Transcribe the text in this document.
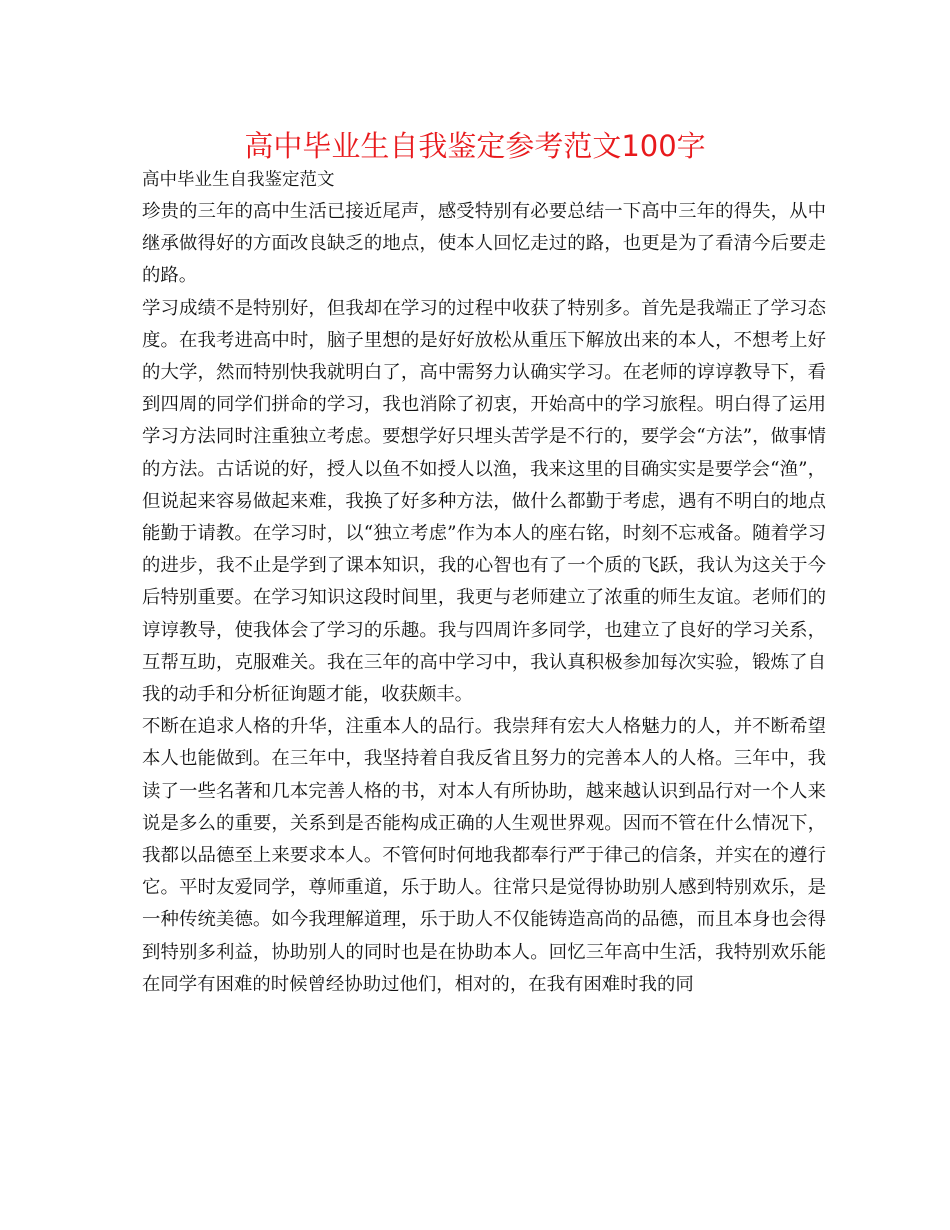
高中毕业生自我鉴定参考范文100字

高中毕业生自我鉴定范文

珍贵的三年的高中生活已接近尾声，感受特别有必要总结一下高中三年的得失，从中继承做得好的方面改良缺乏的地点，使本人回忆走过的路，也更是为了看清今后要走的路。

学习成绩不是特别好，但我却在学习的过程中收获了特别多。首先是我端正了学习态度。在我考进高中时，脑子里想的是好好放松从重压下解放出来的本人，不想考上好的大学，然而特别快我就明白了，高中需努力认确实学习。在老师的谆谆教导下，看到四周的同学们拼命的学习，我也消除了初衷，开始高中的学习旅程。明白得了运用学习方法同时注重独立考虑。要想学好只埋头苦学是不行的，要学会“方法”，做事情的方法。古话说的好，授人以鱼不如授人以渔，我来这里的目确实实是要学会“渔”，但说起来容易做起来难，我换了好多种方法，做什么都勤于考虑，遇有不明白的地点能勤于请教。在学习时，以“独立考虑”作为本人的座右铭，时刻不忘戒备。随着学习的进步，我不止是学到了课本知识，我的心智也有了一个质的飞跃，我认为这关于今后特别重要。在学习知识这段时间里，我更与老师建立了浓重的师生友谊。老师们的谆谆教导，使我体会了学习的乐趣。我与四周许多同学，也建立了良好的学习关系，互帮互助，克服难关。我在三年的高中学习中，我认真积极参加每次实验，锻炼了自我的动手和分析征询题才能，收获颇丰。

不断在追求人格的升华，注重本人的品行。我崇拜有宏大人格魅力的人，并不断希望本人也能做到。在三年中，我坚持着自我反省且努力的完善本人的人格。三年中，我读了一些名著和几本完善人格的书，对本人有所协助，越来越认识到品行对一个人来说是多么的重要，关系到是否能构成正确的人生观世界观。因而不管在什么情况下，我都以品德至上来要求本人。不管何时何地我都奉行严于律己的信条，并实在的遵行它。平时友爱同学，尊师重道，乐于助人。往常只是觉得协助别人感到特别欢乐，是一种传统美德。如今我理解道理，乐于助人不仅能铸造高尚的品德，而且本身也会得到特别多利益，协助别人的同时也是在协助本人。回忆三年高中生活，我特别欢乐能在同学有困难的时候曾经协助过他们，相对的，在我有困难时我的同
